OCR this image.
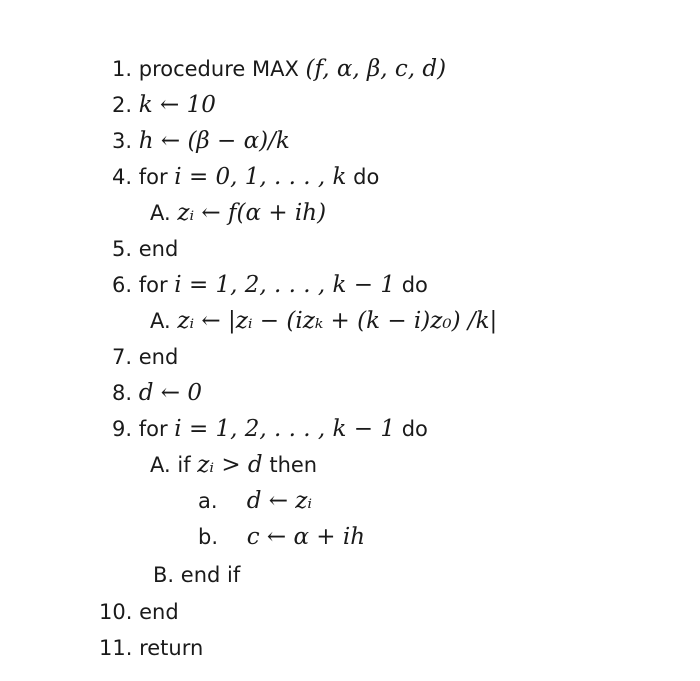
1. procedure MAX (f, α, β, c, d)
2. k ← 10
3. h ← (β − α)/k
4. for i = 0, 1, . . . , k do
A. zᵢ ← f(α + ih)
5. end
6. for i = 1, 2, . . . , k − 1 do
A. zᵢ ← |zᵢ − (izₖ + (k − i)z₀) /k|
7. end
8. d ← 0
9. for i = 1, 2, . . . , k − 1 do
A. if zᵢ > d then
a. d ← zᵢ
b. c ← α + ih
B. end if
10. end
11. return
